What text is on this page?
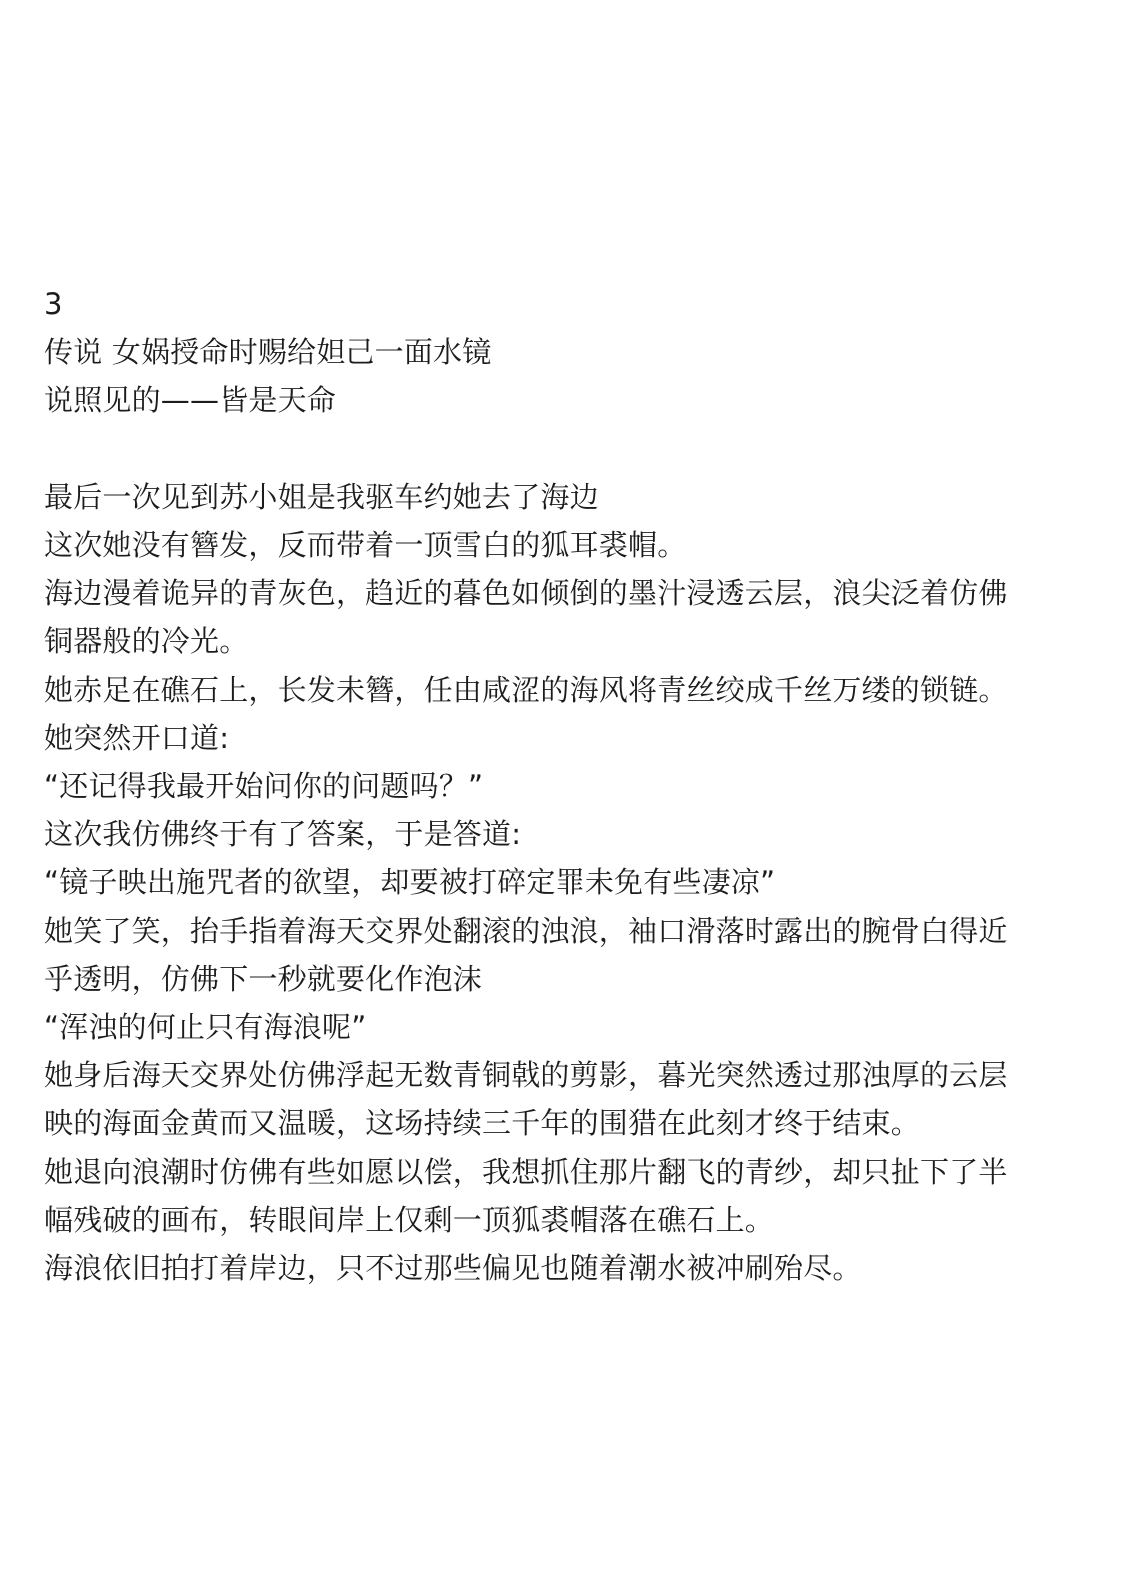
3
传说 女娲授命时赐给妲己一面水镜
说照见的——皆是天命
最后一次见到苏小姐是我驱车约她去了海边
这次她没有簪发，反而带着一顶雪白的狐耳裘帽。
海边漫着诡异的青灰色，趋近的暮色如倾倒的墨汁浸透云层，浪尖泛着仿佛
铜器般的冷光。
她赤足在礁石上，长发未簪，任由咸涩的海风将青丝绞成千丝万缕的锁链。
她突然开口道:
“还记得我最开始问你的问题吗？”
这次我仿佛终于有了答案，于是答道:
“镜子映出施咒者的欲望，却要被打碎定罪未免有些凄凉”
她笑了笑，抬手指着海天交界处翻滚的浊浪，袖口滑落时露出的腕骨白得近
乎透明，仿佛下一秒就要化作泡沫
“浑浊的何止只有海浪呢”
她身后海天交界处仿佛浮起无数青铜戟的剪影，暮光突然透过那浊厚的云层
映的海面金黄而又温暖，这场持续三千年的围猎在此刻才终于结束。
她退向浪潮时仿佛有些如愿以偿，我想抓住那片翻飞的青纱，却只扯下了半
幅残破的画布，转眼间岸上仅剩一顶狐裘帽落在礁石上。
海浪依旧拍打着岸边，只不过那些偏见也随着潮水被冲刷殆尽。
